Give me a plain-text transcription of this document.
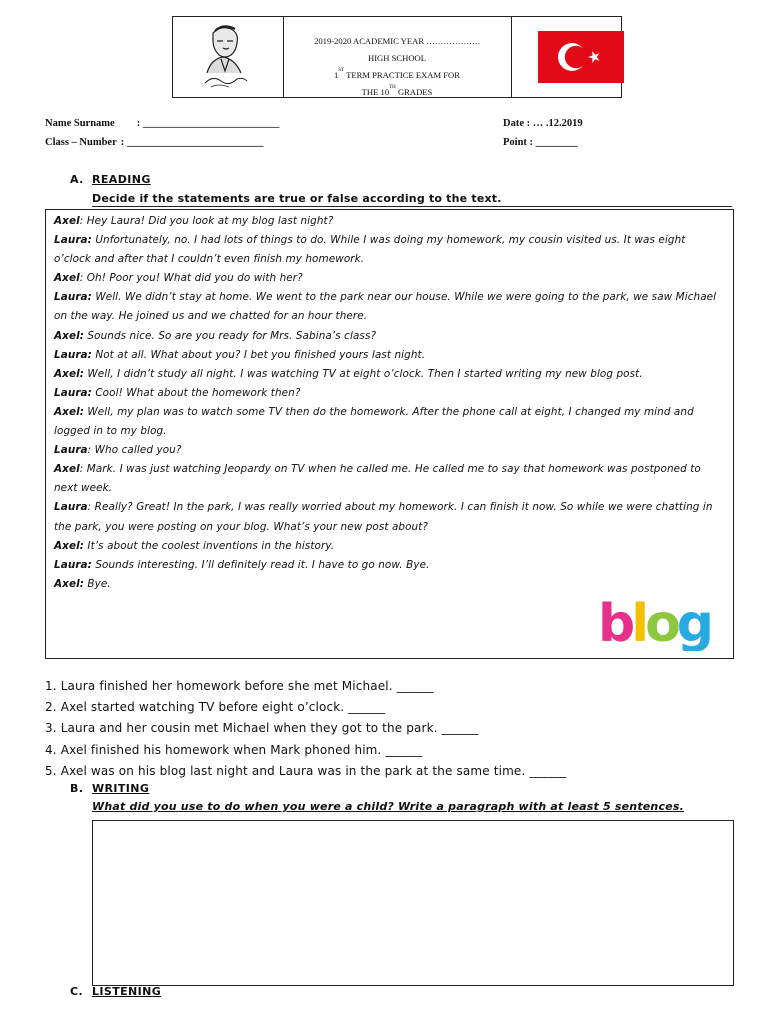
2019-2020 ACADEMIC YEAR ……………….
HIGH SCHOOL
1ST TERM PRACTICE EXAM FOR
THE 10TH GRADES
Name Surname : __________________________
Class – Number : __________________________
Date : … .12.2019
Point : ________
A. READING
Decide if the statements are true or false according to the text.
Axel: Hey Laura! Did you look at my blog last night?
Laura: Unfortunately, no. I had lots of things to do. While I was doing my homework, my cousin visited us. It was eight o’clock and after that I couldn’t even finish my homework.
Axel: Oh! Poor you! What did you do with her?
Laura: Well. We didn’t stay at home. We went to the park near our house. While we were going to the park, we saw Michael on the way. He joined us and we chatted for an hour there.
Axel: Sounds nice. So are you ready for Mrs. Sabina’s class?
Laura: Not at all. What about you? I bet you finished yours last night.
Axel: Well, I didn’t study all night. I was watching TV at eight o’clock. Then I started writing my new blog post.
Laura: Cool! What about the homework then?
Axel: Well, my plan was to watch some TV then do the homework. After the phone call at eight, I changed my mind and logged in to my blog.
Laura: Who called you?
Axel: Mark. I was just watching Jeopardy on TV when he called me. He called me to say that homework was postponed to next week.
Laura: Really? Great! In the park, I was really worried about my homework. I can finish it now. So while we were chatting in the park, you were posting on your blog. What’s your new post about?
Axel: It’s about the coolest inventions in the history.
Laura: Sounds interesting. I’ll definitely read it. I have to go now. Bye.
Axel: Bye.
blog
1. Laura finished her homework before she met Michael. ______
2. Axel started watching TV before eight o’clock. ______
3. Laura and her cousin met Michael when they got to the park. ______
4. Axel finished his homework when Mark phoned him. ______
5. Axel was on his blog last night and Laura was in the park at the same time. ______
B. WRITING
What did you use to do when you were a child? Write a paragraph with at least 5 sentences.
C. LISTENING
